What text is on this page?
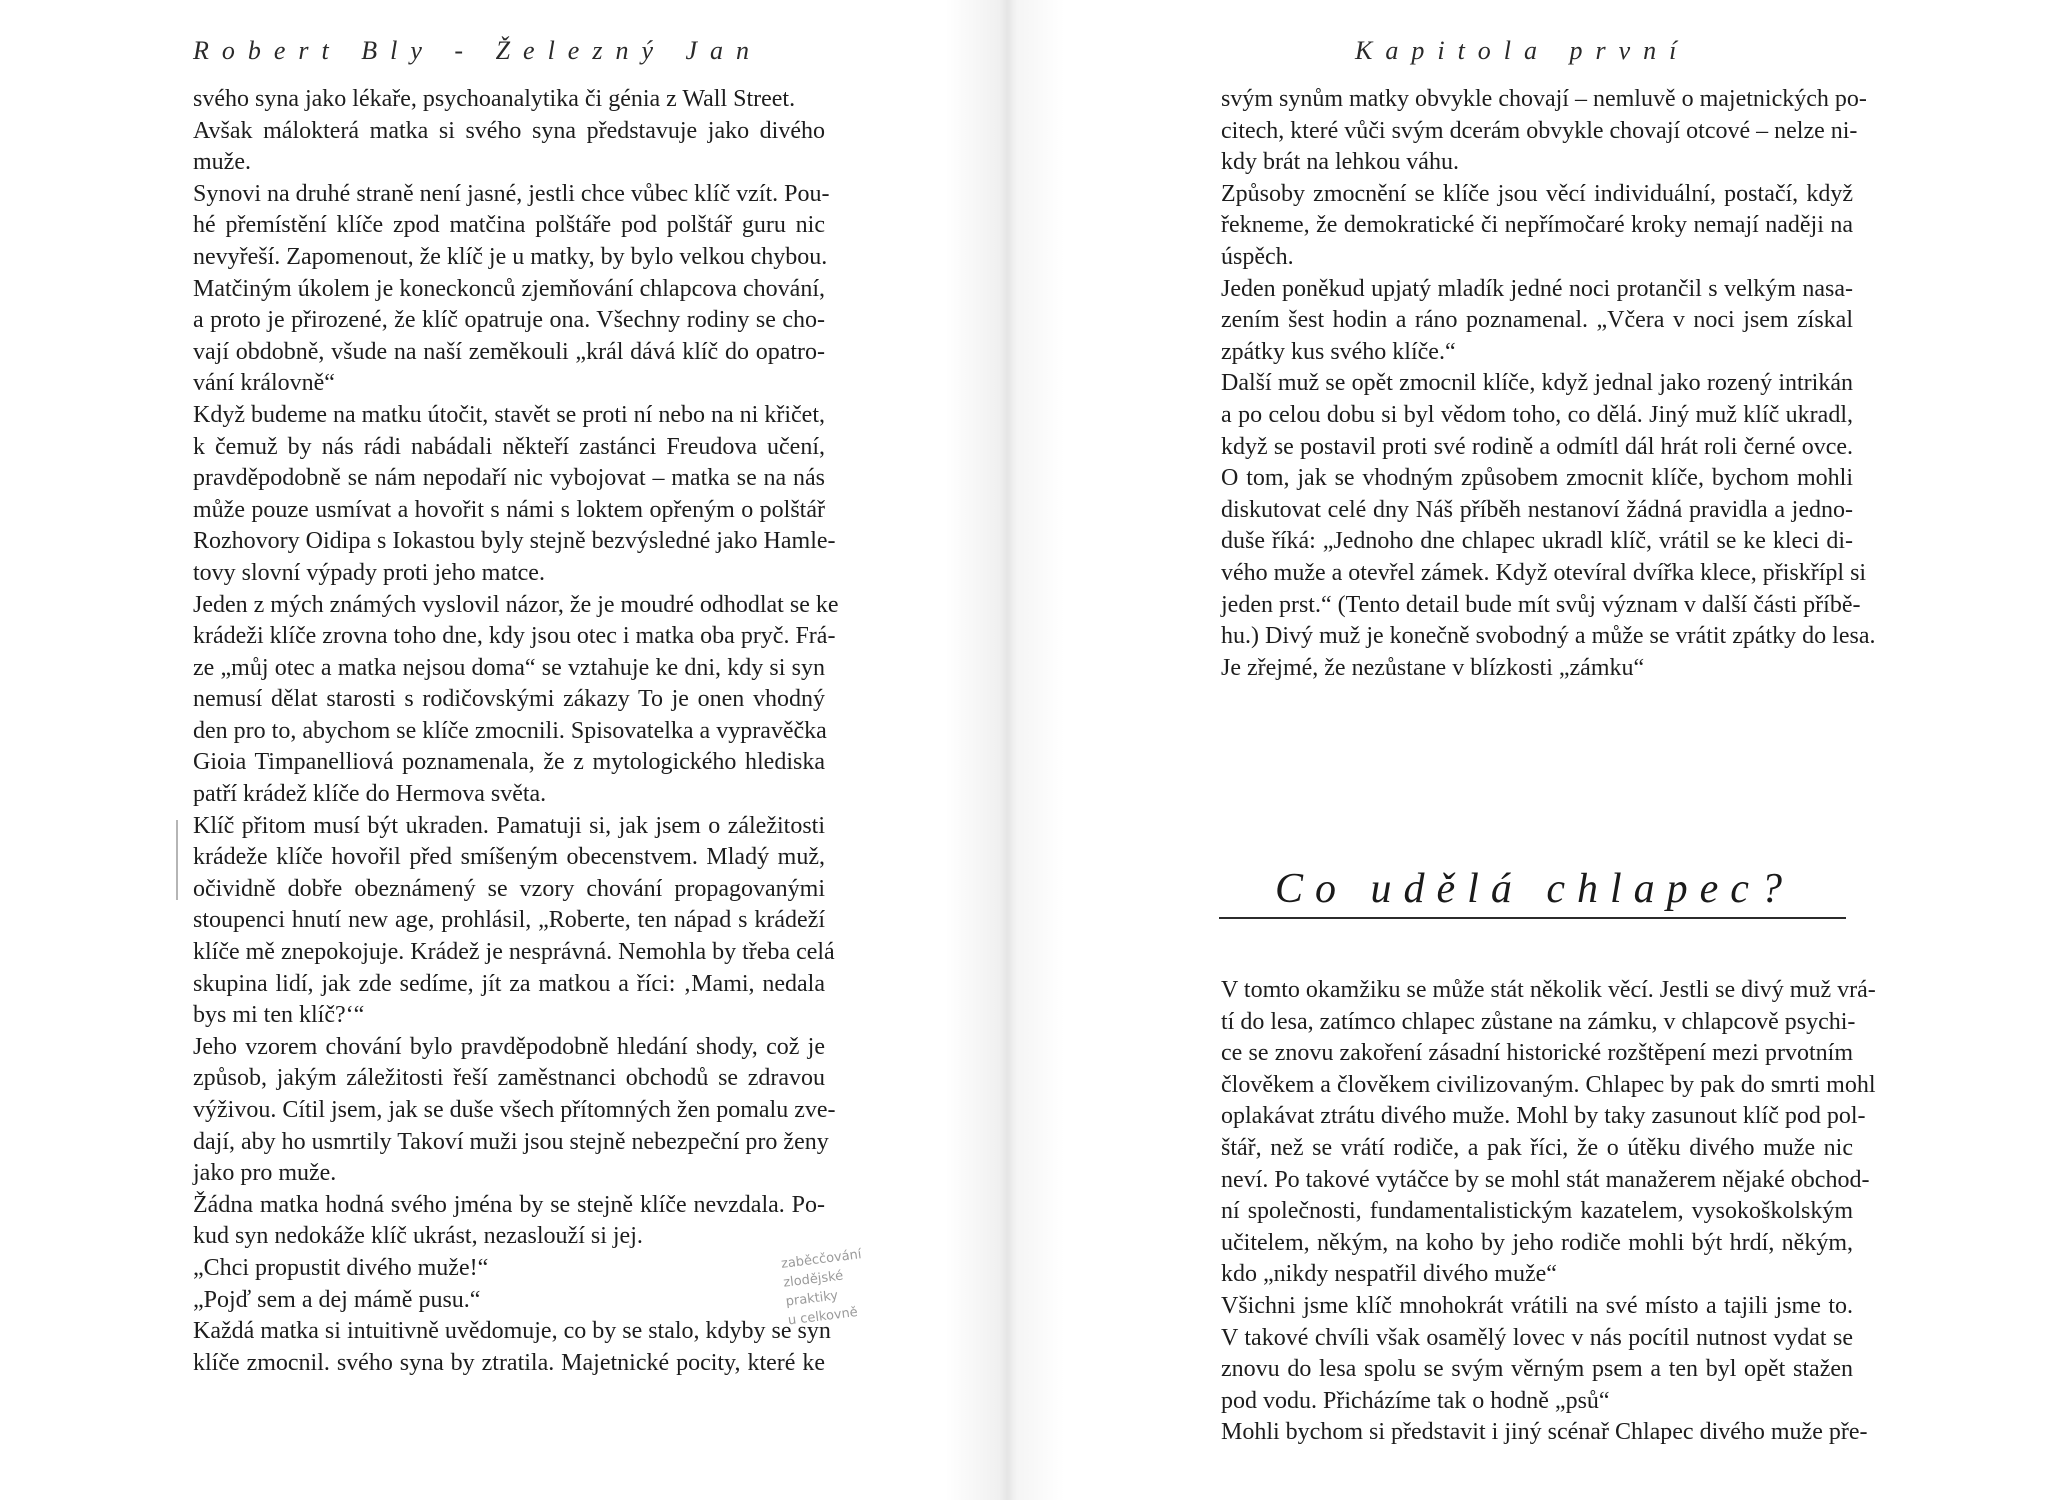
Robert Bly - Železný Jan
svého syna jako lékaře, psychoanalytika či génia z Wall Street.
Avšak málokterá matka si svého syna představuje jako divého
muže.
Synovi na druhé straně není jasné, jestli chce vůbec klíč vzít. Pou-
hé přemístění klíče zpod matčina polštáře pod polštář guru nic
nevyřeší. Zapomenout, že klíč je u matky, by bylo velkou chybou.
Matčiným úkolem je koneckonců zjemňování chlapcova chování,
a proto je přirozené, že klíč opatruje ona. Všechny rodiny se cho-
vají obdobně, všude na naší zeměkouli „král dává klíč do opatro-
vání královně“
Když budeme na matku útočit, stavět se proti ní nebo na ni křičet,
k čemuž by nás rádi nabádali někteří zastánci Freudova učení,
pravděpodobně se nám nepodaří nic vybojovat – matka se na nás
může pouze usmívat a hovořit s námi s loktem opřeným o polštář
Rozhovory Oidipa s Iokastou byly stejně bezvýsledné jako Hamle-
tovy slovní výpady proti jeho matce.
Jeden z mých známých vyslovil názor, že je moudré odhodlat se ke
krádeži klíče zrovna toho dne, kdy jsou otec i matka oba pryč. Frá-
ze „můj otec a matka nejsou doma“ se vztahuje ke dni, kdy si syn
nemusí dělat starosti s rodičovskými zákazy To je onen vhodný
den pro to, abychom se klíče zmocnili. Spisovatelka a vypravěčka
Gioia Timpanelliová poznamenala, že z mytologického hlediska
patří krádež klíče do Hermova světa.
Klíč přitom musí být ukraden. Pamatuji si, jak jsem o záležitosti
krádeže klíče hovořil před smíšeným obecenstvem. Mladý muž,
očividně dobře obeznámený se vzory chování propagovanými
stoupenci hnutí new age, prohlásil, „Roberte, ten nápad s krádeží
klíče mě znepokojuje. Krádež je nesprávná. Nemohla by třeba celá
skupina lidí, jak zde sedíme, jít za matkou a říci: ‚Mami, nedala
bys mi ten klíč?‘“
Jeho vzorem chování bylo pravděpodobně hledání shody, což je
způsob, jakým záležitosti řeší zaměstnanci obchodů se zdravou
výživou. Cítil jsem, jak se duše všech přítomných žen pomalu zve-
dají, aby ho usmrtily Takoví muži jsou stejně nebezpeční pro ženy
jako pro muže.
Žádna matka hodná svého jména by se stejně klíče nevzdala. Po-
kud syn nedokáže klíč ukrást, nezaslouží si jej.
„Chci propustit divého muže!“
„Pojď sem a dej mámě pusu.“
Každá matka si intuitivně uvědomuje, co by se stalo, kdyby se syn
klíče zmocnil. svého syna by ztratila. Majetnické pocity, které ke
zaběcčování
zlodějské
praktiky
u celkovně
Kapitola první
svým synům matky obvykle chovají – nemluvě o majetnických po-
citech, které vůči svým dcerám obvykle chovají otcové – nelze ni-
kdy brát na lehkou váhu.
Způsoby zmocnění se klíče jsou věcí individuální, postačí, když
řekneme, že demokratické či nepřímočaré kroky nemají naději na
úspěch.
Jeden poněkud upjatý mladík jedné noci protančil s velkým nasa-
zením šest hodin a ráno poznamenal. „Včera v noci jsem získal
zpátky kus svého klíče.“
Další muž se opět zmocnil klíče, když jednal jako rozený intrikán
a po celou dobu si byl vědom toho, co dělá. Jiný muž klíč ukradl,
když se postavil proti své rodině a odmítl dál hrát roli černé ovce.
O tom, jak se vhodným způsobem zmocnit klíče, bychom mohli
diskutovat celé dny Náš příběh nestanoví žádná pravidla a jedno-
duše říká: „Jednoho dne chlapec ukradl klíč, vrátil se ke kleci di-
vého muže a otevřel zámek. Když otevíral dvířka klece, přiskřípl si
jeden prst.“ (Tento detail bude mít svůj význam v další části příbě-
hu.) Divý muž je konečně svobodný a může se vrátit zpátky do lesa.
Je zřejmé, že nezůstane v blízkosti „zámku“
V tomto okamžiku se může stát několik věcí. Jestli se divý muž vrá-
tí do lesa, zatímco chlapec zůstane na zámku, v chlapcově psychi-
ce se znovu zakoření zásadní historické rozštěpení mezi prvotním
člověkem a člověkem civilizovaným. Chlapec by pak do smrti mohl
oplakávat ztrátu divého muže. Mohl by taky zasunout klíč pod pol-
štář, než se vrátí rodiče, a pak říci, že o útěku divého muže nic
neví. Po takové vytáčce by se mohl stát manažerem nějaké obchod-
ní společnosti, fundamentalistickým kazatelem, vysokoškolským
učitelem, někým, na koho by jeho rodiče mohli být hrdí, někým,
kdo „nikdy nespatřil divého muže“
Všichni jsme klíč mnohokrát vrátili na své místo a tajili jsme to.
V takové chvíli však osamělý lovec v nás pocítil nutnost vydat se
znovu do lesa spolu se svým věrným psem a ten byl opět stažen
pod vodu. Přicházíme tak o hodně „psů“
Mohli bychom si představit i jiný scénař Chlapec divého muže pře-
Co udělá chlapec?
